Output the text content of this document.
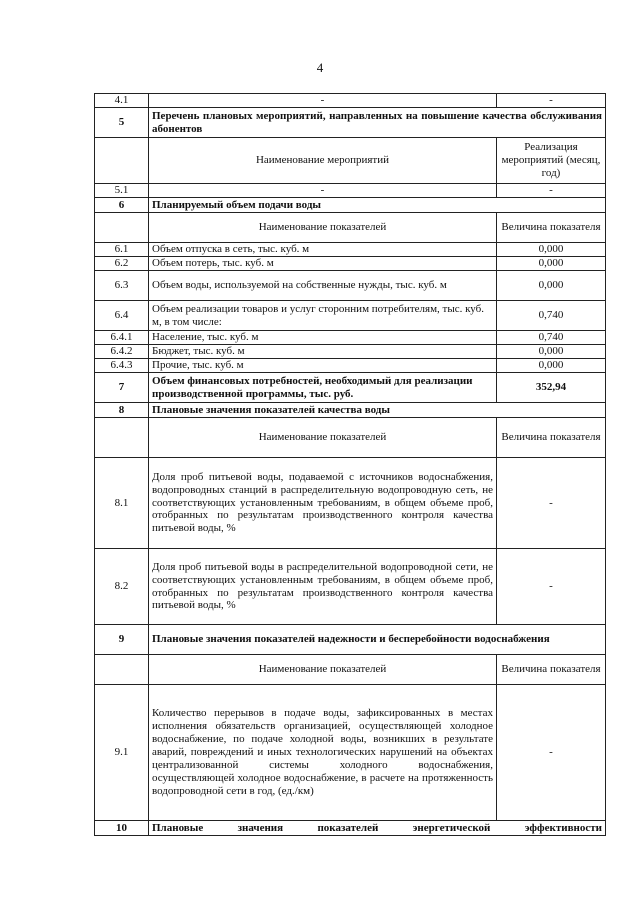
4
4.1	-	-
5	Перечень плановых мероприятий, направленных на повышение качества обслуживания абонентов	
	Наименование мероприятий	Реализация мероприятий (месяц, год)
5.1	-	-
6	Планируемый объем подачи воды	
	Наименование показателей	Величина показателя
6.1	Объем отпуска в сеть, тыс. куб. м	0,000
6.2	Объем потерь, тыс. куб. м	0,000
6.3	Объем воды, используемой на собственные нужды, тыс. куб. м	0,000
6.4	Объем реализации товаров и услуг сторонним потребителям, тыс. куб. м, в том числе:	0,740
6.4.1	Население, тыс. куб. м	0,740
6.4.2	Бюджет, тыс. куб. м	0,000
6.4.3	Прочие, тыс. куб. м	0,000
7	Объем финансовых потребностей, необходимый для реализации производственной программы, тыс. руб.	352,94
8	Плановые значения показателей качества воды	
	Наименование показателей	Величина показателя
8.1	Доля проб питьевой воды, подаваемой с источников водоснабжения, водопроводных станций в распределительную водопроводную сеть, не соответствующих установленным требованиям, в общем объеме проб, отобранных по результатам производственного контроля качества питьевой воды, %	-
8.2	Доля проб питьевой воды в распределительной водопроводной сети, не соответствующих установленным требованиям, в общем объеме проб, отобранных по результатам производственного контроля качества питьевой воды, %	-
9	Плановые значения показателей надежности и бесперебойности водоснабжения	
	Наименование показателей	Величина показателя
9.1	Количество перерывов в подаче воды, зафиксированных в местах исполнения обязательств организацией, осуществляющей холодное водоснабжение, по подаче холодной воды, возникших в результате аварий, повреждений и иных технологических нарушений на объектах централизованной системы холодного водоснабжения, осуществляющей холодное водоснабжение, в расчете на протяженность водопроводной сети в год, (ед./км)	-
10	Плановые значения показателей энергетической эффективности	
